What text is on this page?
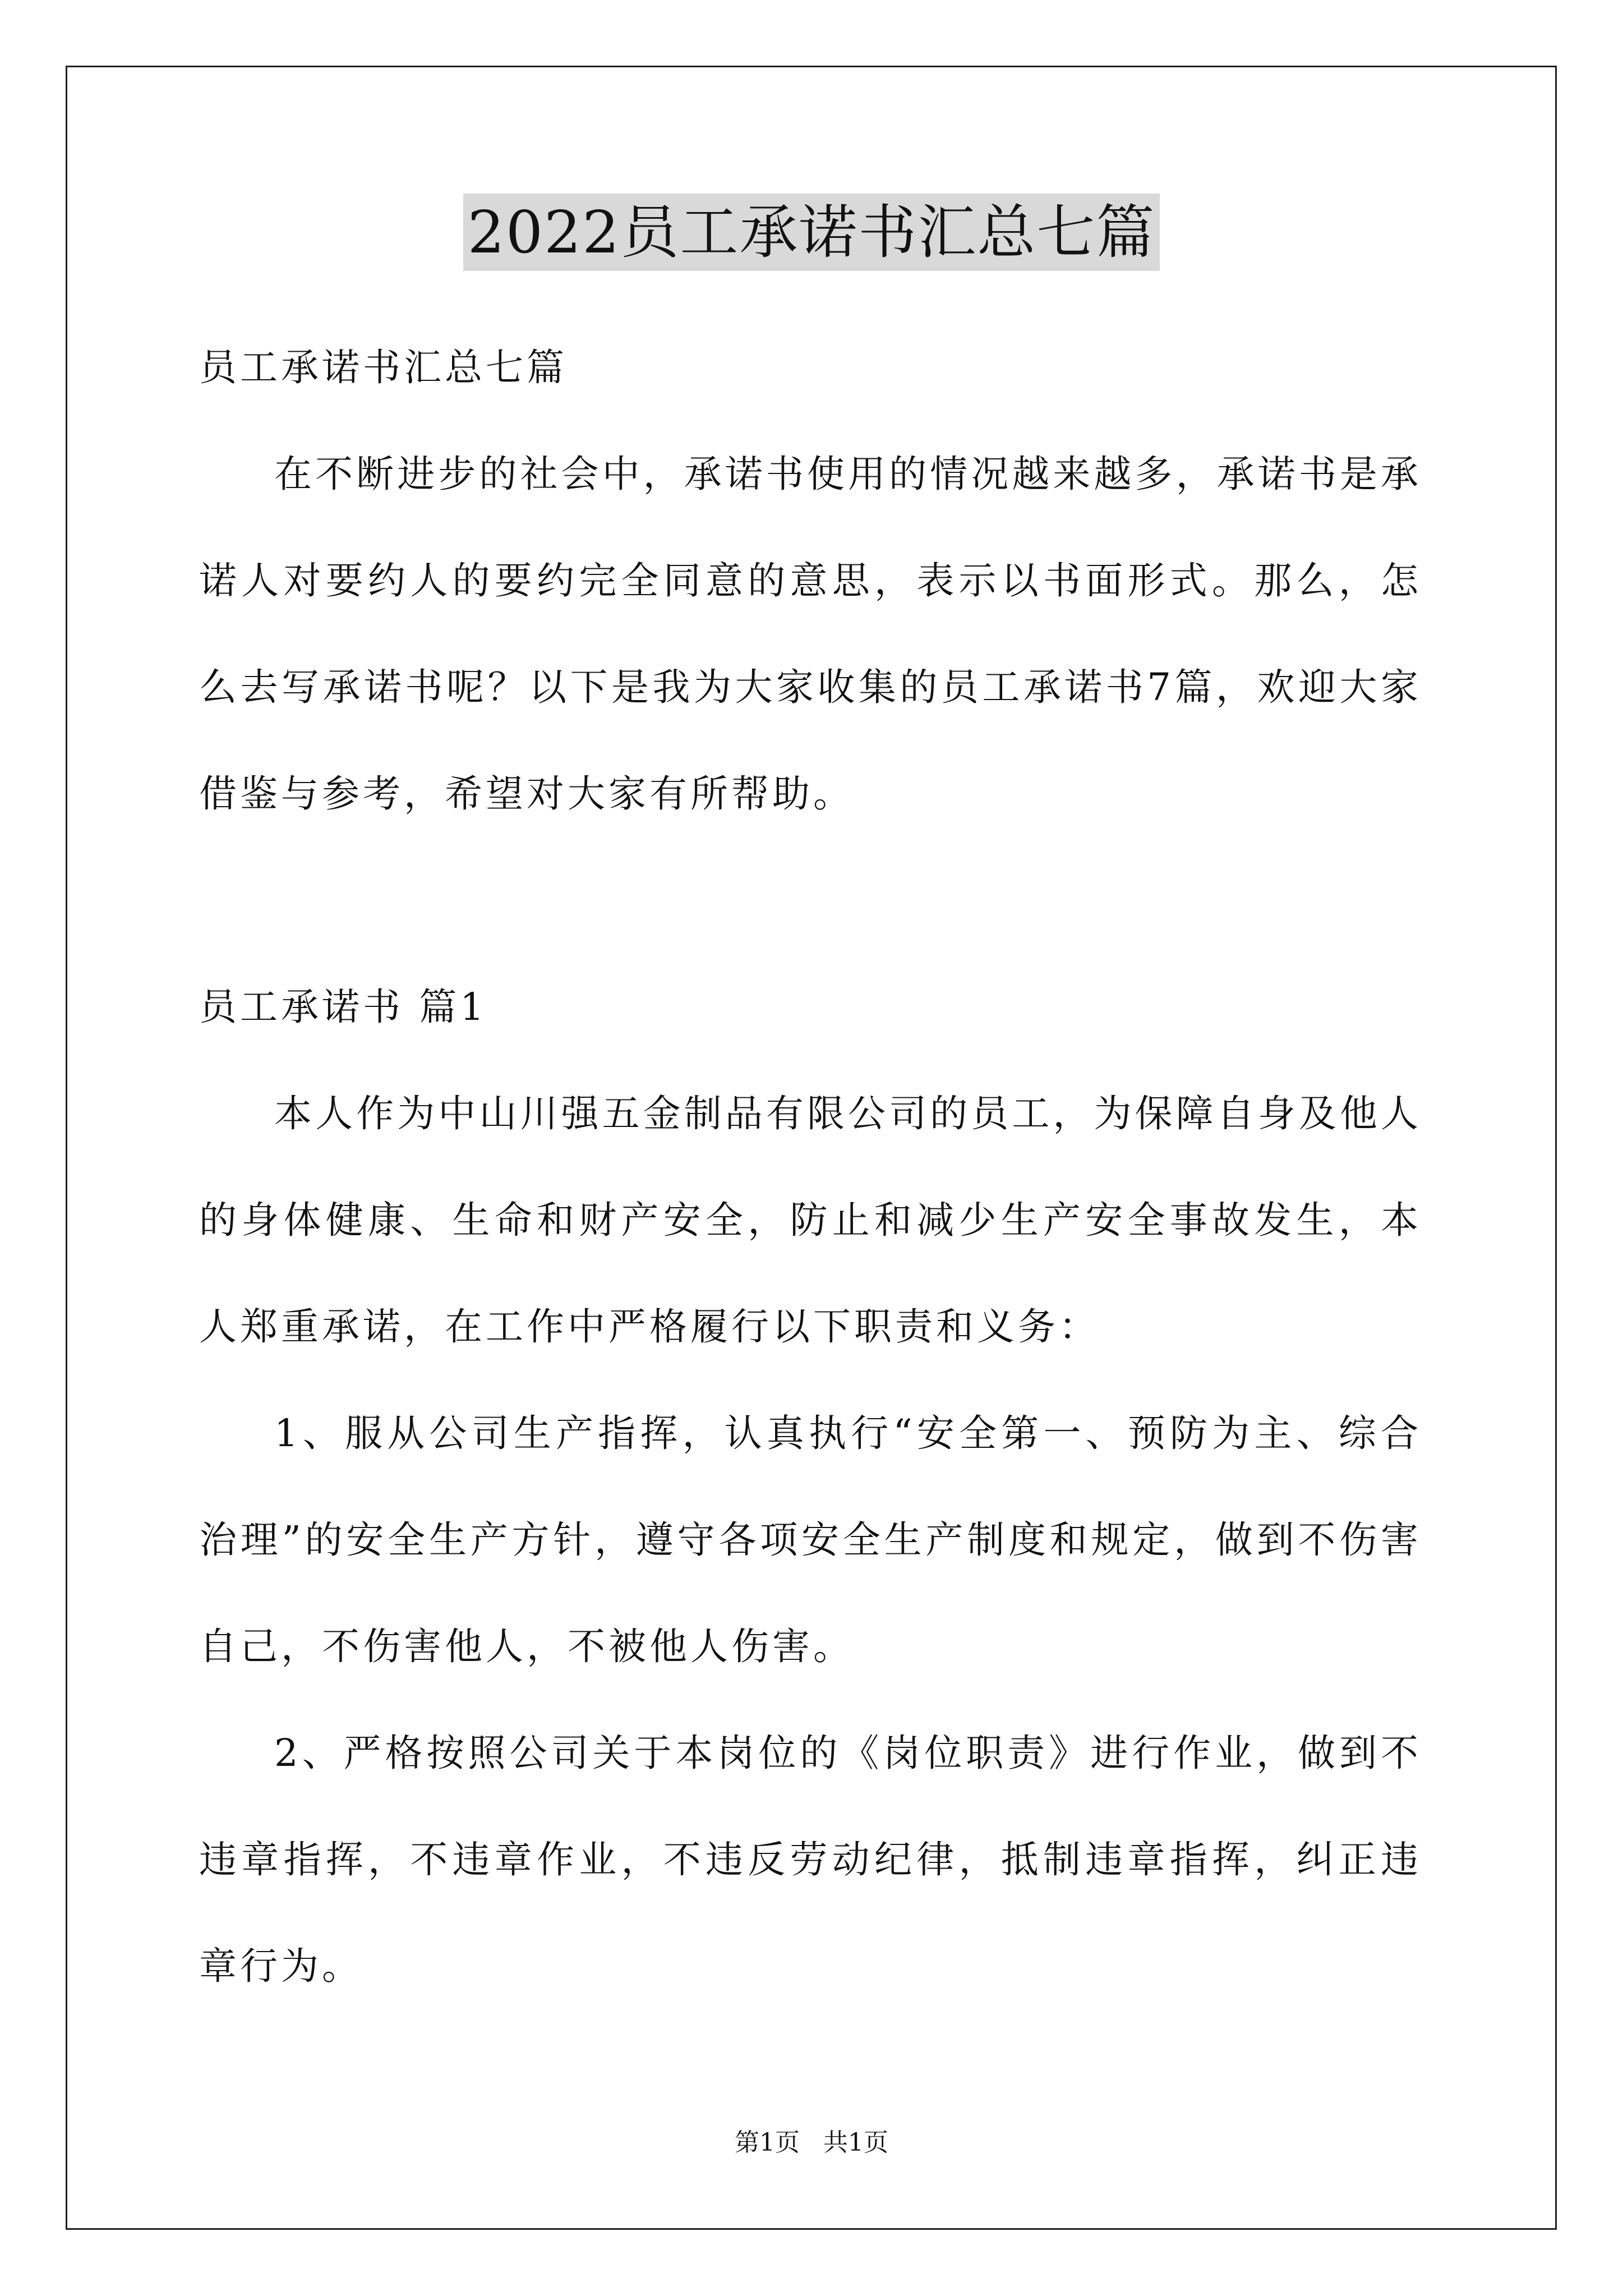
2022员工承诺书汇总七篇

员工承诺书汇总七篇

在不断进步的社会中，承诺书使用的情况越来越多，承诺书是承诺人对要约人的要约完全同意的意思，表示以书面形式。那么，怎么去写承诺书呢？以下是我为大家收集的员工承诺书7篇，欢迎大家借鉴与参考，希望对大家有所帮助。

员工承诺书 篇1

本人作为中山川强五金制品有限公司的员工，为保障自身及他人的身体健康、生命和财产安全，防止和减少生产安全事故发生，本人郑重承诺，在工作中严格履行以下职责和义务：

1、服从公司生产指挥，认真执行“安全第一、预防为主、综合治理”的安全生产方针，遵守各项安全生产制度和规定，做到不伤害自己，不伤害他人，不被他人伤害。

2、严格按照公司关于本岗位的《岗位职责》进行作业，做到不违章指挥，不违章作业，不违反劳动纪律，抵制违章指挥，纠正违章行为。

第1页 共1页
